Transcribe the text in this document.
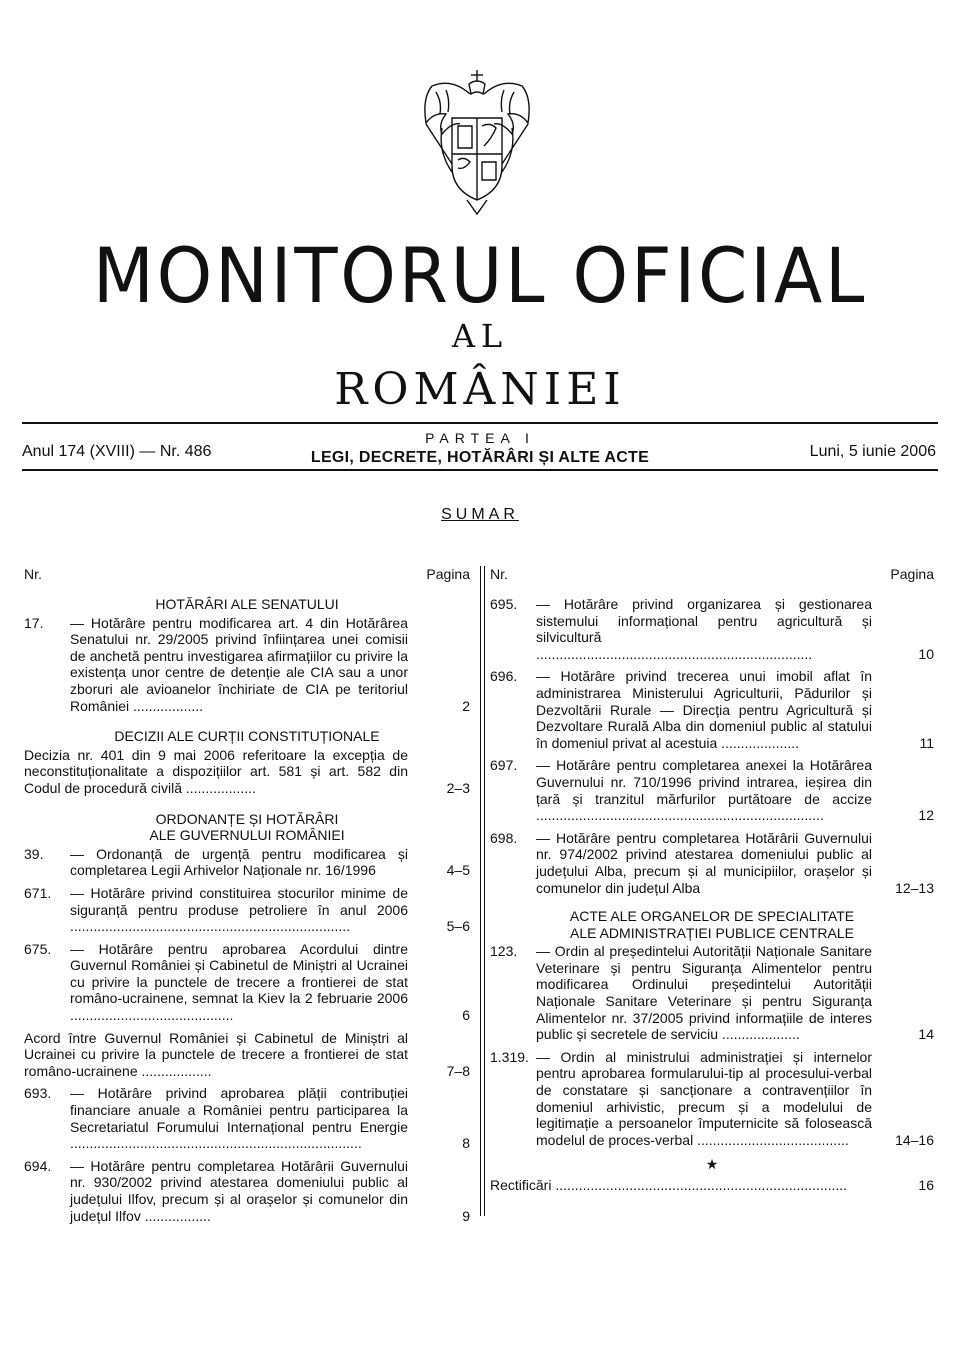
MONITORUL OFICIAL
AL
ROMÂNIEI
Anul 174 (XVIII) — Nr. 486
PARTEA I
LEGI, DECRETE, HOTĂRÂRI ȘI ALTE ACTE	Luni, 5 iunie 2006
SUMAR
Nr.	Pagina
HOTĂRÂRI ALE SENATULUI
17. — Hotărâre pentru modificarea art. 4 din Hotărârea Senatului nr. 29/2005 privind înființarea unei comisii de anchetă pentru investigarea afirmațiilor cu privire la existența unor centre de detenție ale CIA sau a unor zboruri ale avioanelor închiriate de CIA pe teritoriul României ..................	2
DECIZII ALE CURȚII CONSTITUȚIONALE
Decizia nr. 401 din 9 mai 2006 referitoare la excepția de neconstituționalitate a dispozițiilor art. 581 și art. 582 din Codul de procedură civilă ..................	2–3
ORDONANȚE ȘI HOTĂRÂRI
ALE GUVERNULUI ROMÂNIEI
39. — Ordonanță de urgență pentru modificarea și completarea Legii Arhivelor Naționale nr. 16/1996	4–5
671. — Hotărâre privind constituirea stocurilor minime de siguranță pentru produse petroliere în anul 2006 ........................................................................	5–6
675. — Hotărâre pentru aprobarea Acordului dintre Guvernul României și Cabinetul de Miniștri al Ucrainei cu privire la punctele de trecere a frontierei de stat româno-ucrainene, semnat la Kiev la 2 februarie 2006 ..........................................	6
Acord între Guvernul României și Cabinetul de Miniștri al Ucrainei cu privire la punctele de trecere a frontierei de stat româno-ucrainene ..................	7–8
693. — Hotărâre privind aprobarea plății contribuției financiare anuale a României pentru participarea la Secretariatul Forumului Internațional pentru Energie ...........................................................................	8
694. — Hotărâre pentru completarea Hotărârii Guvernului nr. 930/2002 privind atestarea domeniului public al județului Ilfov, precum și al orașelor și comunelor din județul Ilfov .................	9
Nr.	Pagina
695. — Hotărâre privind organizarea și gestionarea sistemului informațional pentru agricultură și silvicultură .......................................................................	10
696. — Hotărâre privind trecerea unui imobil aflat în administrarea Ministerului Agriculturii, Pădurilor și Dezvoltării Rurale — Direcția pentru Agricultură și Dezvoltare Rurală Alba din domeniul public al statului în domeniul privat al acestuia ....................	11
697. — Hotărâre pentru completarea anexei la Hotărârea Guvernului nr. 710/1996 privind intrarea, ieșirea din țară și tranzitul mărfurilor purtătoare de accize ..........................................................................	12
698. — Hotărâre pentru completarea Hotărârii Guvernului nr. 974/2002 privind atestarea domeniului public al județului Alba, precum și al municipiilor, orașelor și comunelor din județul Alba	12–13
ACTE ALE ORGANELOR DE SPECIALITATE
ALE ADMINISTRAȚIEI PUBLICE CENTRALE
123. — Ordin al președintelui Autorității Naționale Sanitare Veterinare și pentru Siguranța Alimentelor pentru modificarea Ordinului președintelui Autorității Naționale Sanitare Veterinare și pentru Siguranța Alimentelor nr. 37/2005 privind informațiile de interes public și secretele de serviciu ....................	14
1.319. — Ordin al ministrului administrației și internelor pentru aprobarea formularului-tip al procesului-verbal de constatare și sancționare a contravențiilor în domeniul arhivistic, precum și a modelului de legitimație a persoanelor împuternicite să folosească modelul de proces-verbal .......................................	14–16
★
Rectificări ...........................................................................	16
